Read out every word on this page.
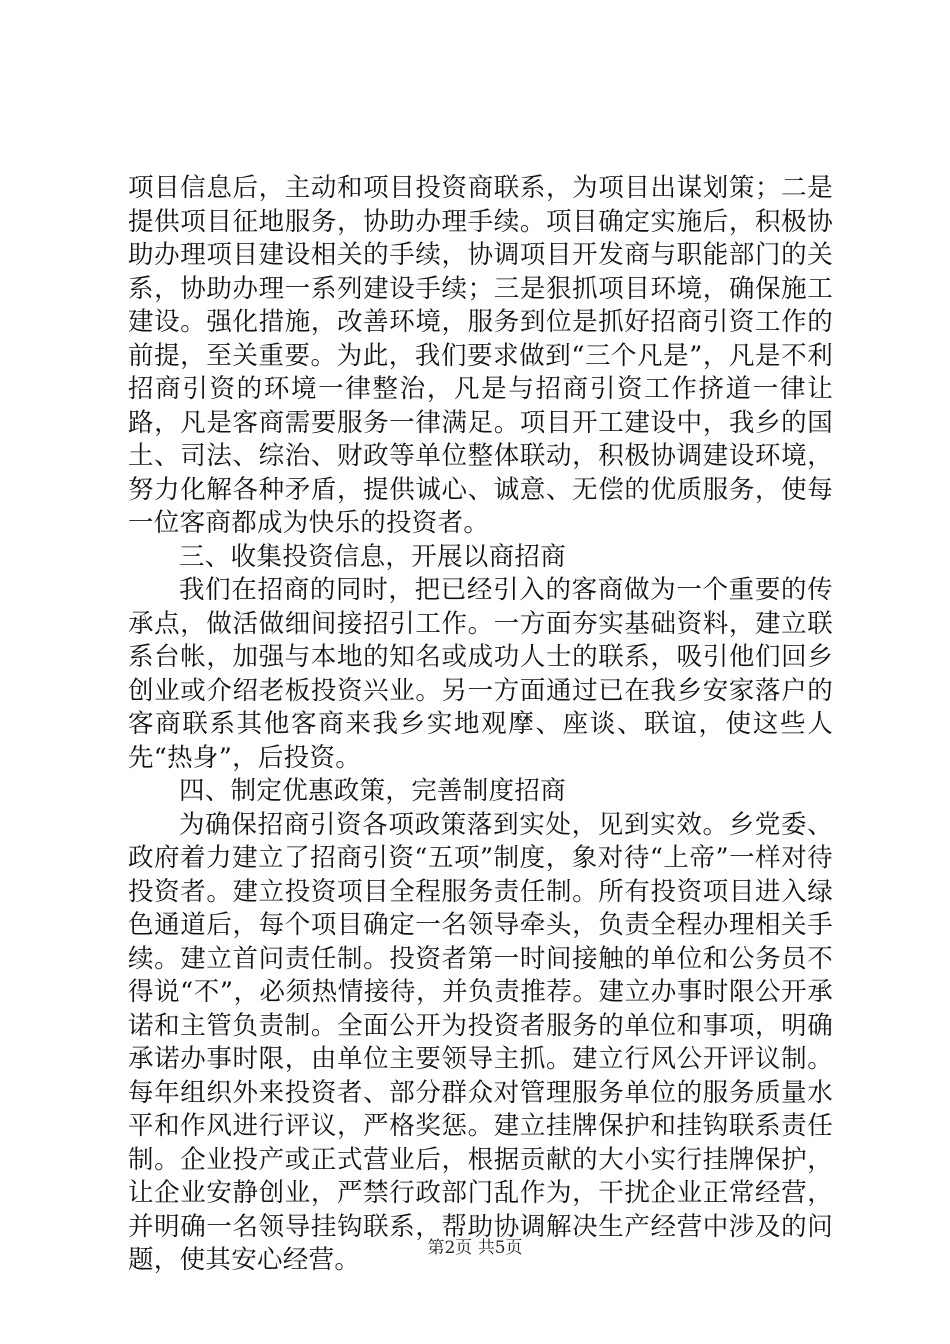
项目信息后，主动和项目投资商联系，为项目出谋划策；二是提供项目征地服务，协助办理手续。项目确定实施后，积极协助办理项目建设相关的手续，协调项目开发商与职能部门的关系，协助办理一系列建设手续；三是狠抓项目环境，确保施工建设。强化措施，改善环境，服务到位是抓好招商引资工作的前提，至关重要。为此，我们要求做到“三个凡是”，凡是不利招商引资的环境一律整治，凡是与招商引资工作挤道一律让路，凡是客商需要服务一律满足。项目开工建设中，我乡的国土、司法、综治、财政等单位整体联动，积极协调建设环境，努力化解各种矛盾，提供诚心、诚意、无偿的优质服务，使每一位客商都成为快乐的投资者。

三、收集投资信息，开展以商招商

我们在招商的同时，把已经引入的客商做为一个重要的传承点，做活做细间接招引工作。一方面夯实基础资料，建立联系台帐，加强与本地的知名或成功人士的联系，吸引他们回乡创业或介绍老板投资兴业。另一方面通过已在我乡安家落户的客商联系其他客商来我乡实地观摩、座谈、联谊，使这些人先“热身”，后投资。

四、制定优惠政策，完善制度招商

为确保招商引资各项政策落到实处，见到实效。乡党委、政府着力建立了招商引资“五项”制度，象对待“上帝”一样对待投资者。建立投资项目全程服务责任制。所有投资项目进入绿色通道后，每个项目确定一名领导牵头，负责全程办理相关手续。建立首问责任制。投资者第一时间接触的单位和公务员不得说“不”，必须热情接待，并负责推荐。建立办事时限公开承诺和主管负责制。全面公开为投资者服务的单位和事项，明确承诺办事时限，由单位主要领导主抓。建立行风公开评议制。每年组织外来投资者、部分群众对管理服务单位的服务质量水平和作风进行评议，严格奖惩。建立挂牌保护和挂钩联系责任制。企业投产或正式营业后，根据贡献的大小实行挂牌保护，让企业安静创业，严禁行政部门乱作为，干扰企业正常经营，并明确一名领导挂钩联系，帮助协调解决生产经营中涉及的问题，使其安心经营。	第2页 共5页
